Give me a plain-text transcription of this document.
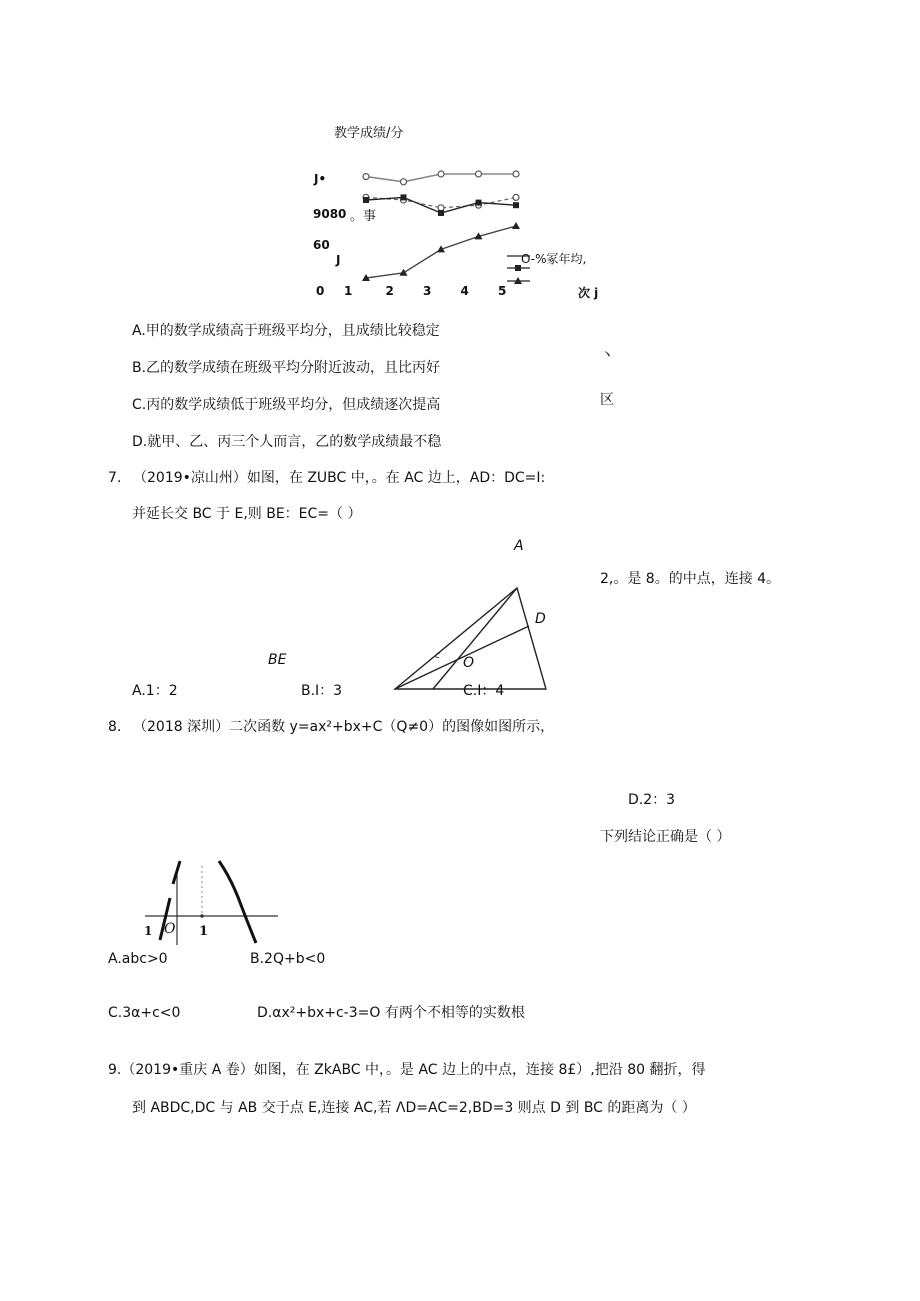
教学成绩/分
J•
9080 。事
60
J
0	次 j
O-%冢年均,
1	2 3 4 5
A.甲的数学成绩高于班级平均分，且成绩比较稳定
B.乙的数学成绩在班级平均分附近波动，且比丙好
丶
C.丙的数学成绩低于班级平均分，但成绩逐次提高	区
D.就甲、乙、丙三个人而言，乙的数学成绩最不稳
7. （2019•凉山州）如图，在 ZUBC 中，。在 AC 边上，AD：DC=I:
并延长交 BC 于 E,则 BE：EC=（ ）
2,。是 8。的中点，连接 4。
A
D
O
c
BE
A.1：2	B.I：3	C.I：4
D.2：3
8. （2018 深圳）二次函数 y=ax²+bx+C（Q≠0）的图像如图所示，
下列结论正确是（ ）
1 O 1
A.abc>0	B.2Q+b<0
C.3α+c<0	D.αx²+bx+c-3=O 有两个不相等的实数根
9.（2019•重庆 A 卷）如图，在 ZkABC 中，。是 AC 边上的中点，连接 8£）,把沿 80 翻折，得
到 ABDC,DC 与 AB 交于点 E,连接 AC,若 ΛD=AC=2,BD=3 则点 D 到 BC 的距离为（ ）
